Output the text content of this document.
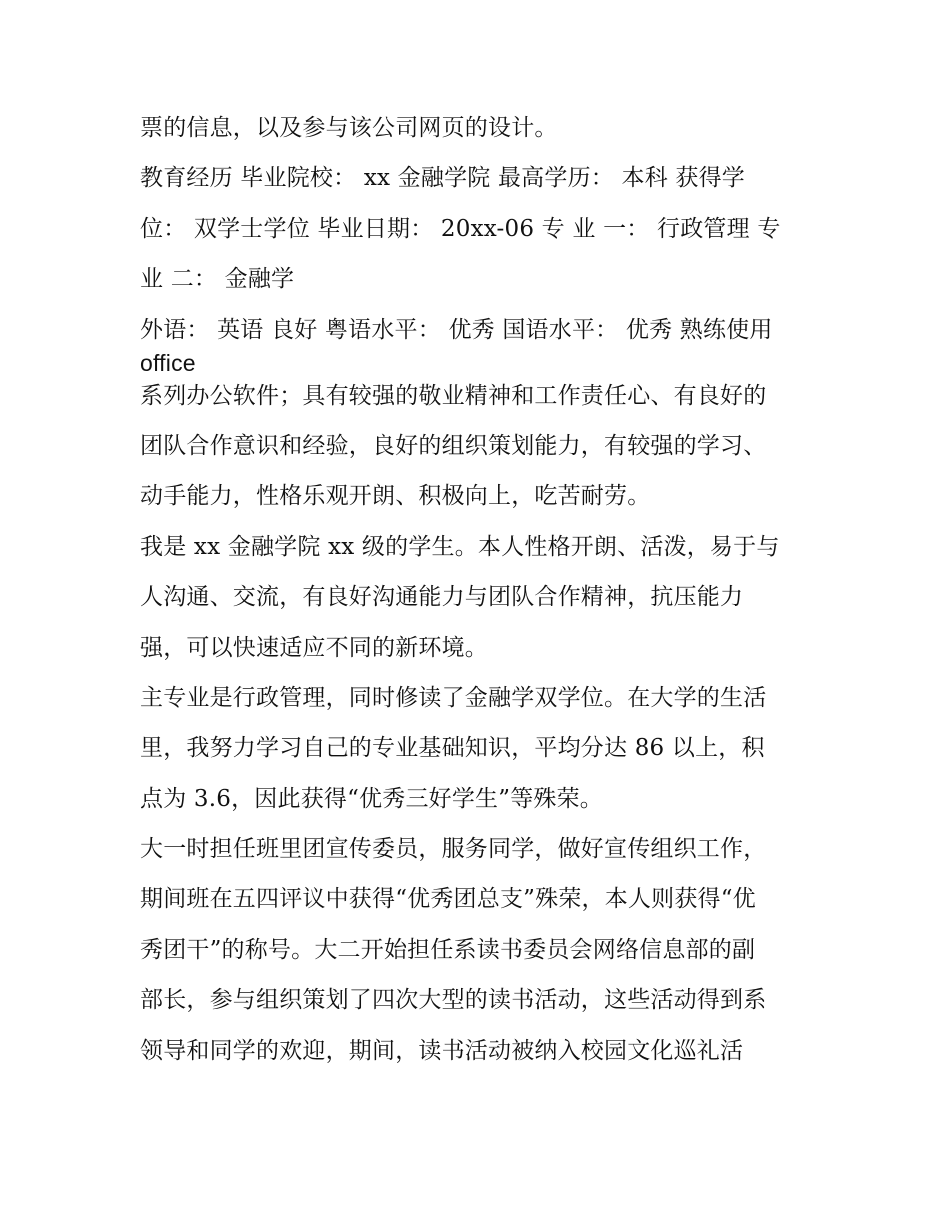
票的信息，以及参与该公司网页的设计。
教育经历 毕业院校： xx 金融学院 最高学历： 本科 获得学
位： 双学士学位 毕业日期： 20xx-06 专 业 一： 行政管理 专
业 二： 金融学
外语： 英语 良好 粤语水平： 优秀 国语水平： 优秀 熟练使用
office
系列办公软件；具有较强的敬业精神和工作责任心、有良好的
团队合作意识和经验，良好的组织策划能力，有较强的学习、
动手能力，性格乐观开朗、积极向上，吃苦耐劳。
我是 xx 金融学院 xx 级的学生。本人性格开朗、活泼，易于与
人沟通、交流，有良好沟通能力与团队合作精神，抗压能力
强，可以快速适应不同的新环境。
主专业是行政管理，同时修读了金融学双学位。在大学的生活
里，我努力学习自己的专业基础知识，平均分达 86 以上，积
点为 3.6，因此获得“优秀三好学生”等殊荣。
大一时担任班里团宣传委员，服务同学，做好宣传组织工作，
期间班在五四评议中获得“优秀团总支”殊荣，本人则获得“优
秀团干”的称号。大二开始担任系读书委员会网络信息部的副
部长，参与组织策划了四次大型的读书活动，这些活动得到系
领导和同学的欢迎，期间，读书活动被纳入校园文化巡礼活
